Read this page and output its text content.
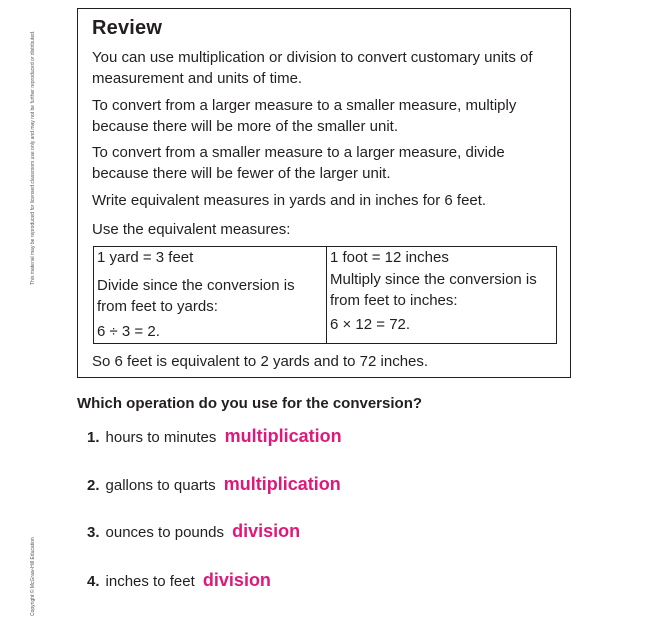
This material may be reproduced for licensed classroom use only and may not be further reproduced or distributed.
Copyright © McGraw-Hill Education
Review
You can use multiplication or division to convert customary units of measurement and units of time.
To convert from a larger measure to a smaller measure, multiply because there will be more of the smaller unit.
To convert from a smaller measure to a larger measure, divide because there will be fewer of the larger unit.
Write equivalent measures in yards and in inches for 6 feet.
Use the equivalent measures:
1 yard = 3 feet
Divide since the conversion is from feet to yards:
6 ÷ 3 = 2.
1 foot = 12 inches
Multiply since the conversion is from feet to inches:
6 × 12 = 72.
So 6 feet is equivalent to 2 yards and to 72 inches.
Which operation do you use for the conversion?
1. hours to minutes multiplication
2. gallons to quarts multiplication
3. ounces to pounds division
4. inches to feet division
